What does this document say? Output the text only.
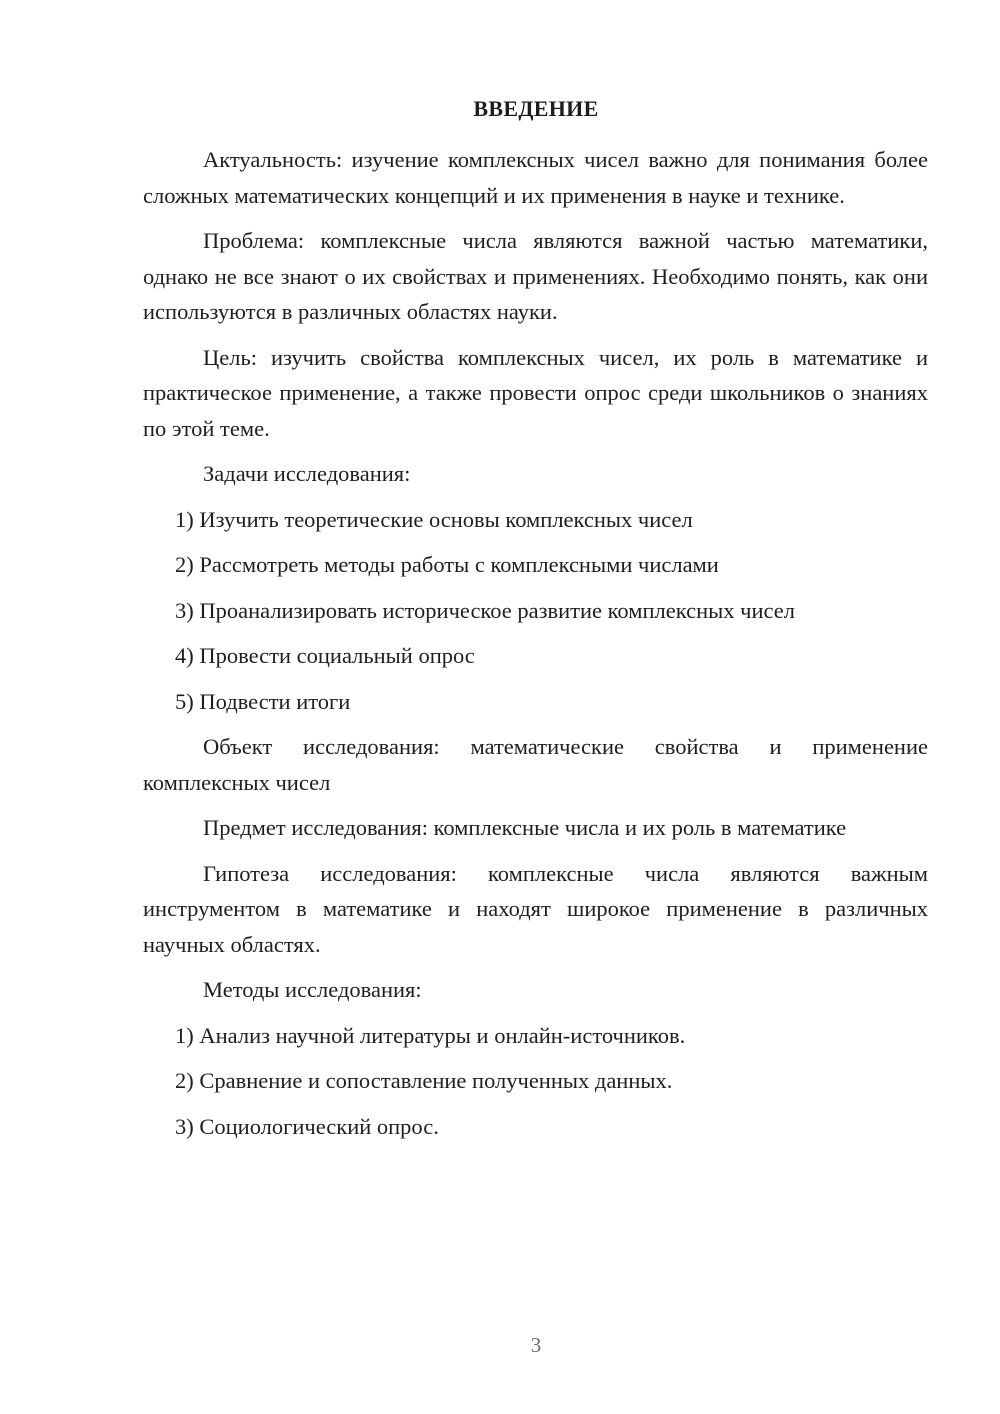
ВВЕДЕНИЕ

Актуальность: изучение комплексных чисел важно для понимания более сложных математических концепций и их применения в науке и технике.

Проблема: комплексные числа являются важной частью математики, однако не все знают о их свойствах и применениях. Необходимо понять, как они используются в различных областях науки.

Цель: изучить свойства комплексных чисел, их роль в математике и практическое применение, а также провести опрос среди школьников о знаниях по этой теме.

Задачи исследования:

1) Изучить теоретические основы комплексных чисел

2) Рассмотреть методы работы с комплексными числами

3) Проанализировать историческое развитие комплексных чисел

4) Провести социальный опрос

5) Подвести итоги

Объект исследования: математические свойства и применение комплексных чисел

Предмет исследования: комплексные числа и их роль в математике

Гипотеза исследования: комплексные числа являются важным инструментом в математике и находят широкое применение в различных научных областях.

Методы исследования:

1) Анализ научной литературы и онлайн-источников.

2) Сравнение и сопоставление полученных данных.

3) Социологический опрос.

3
